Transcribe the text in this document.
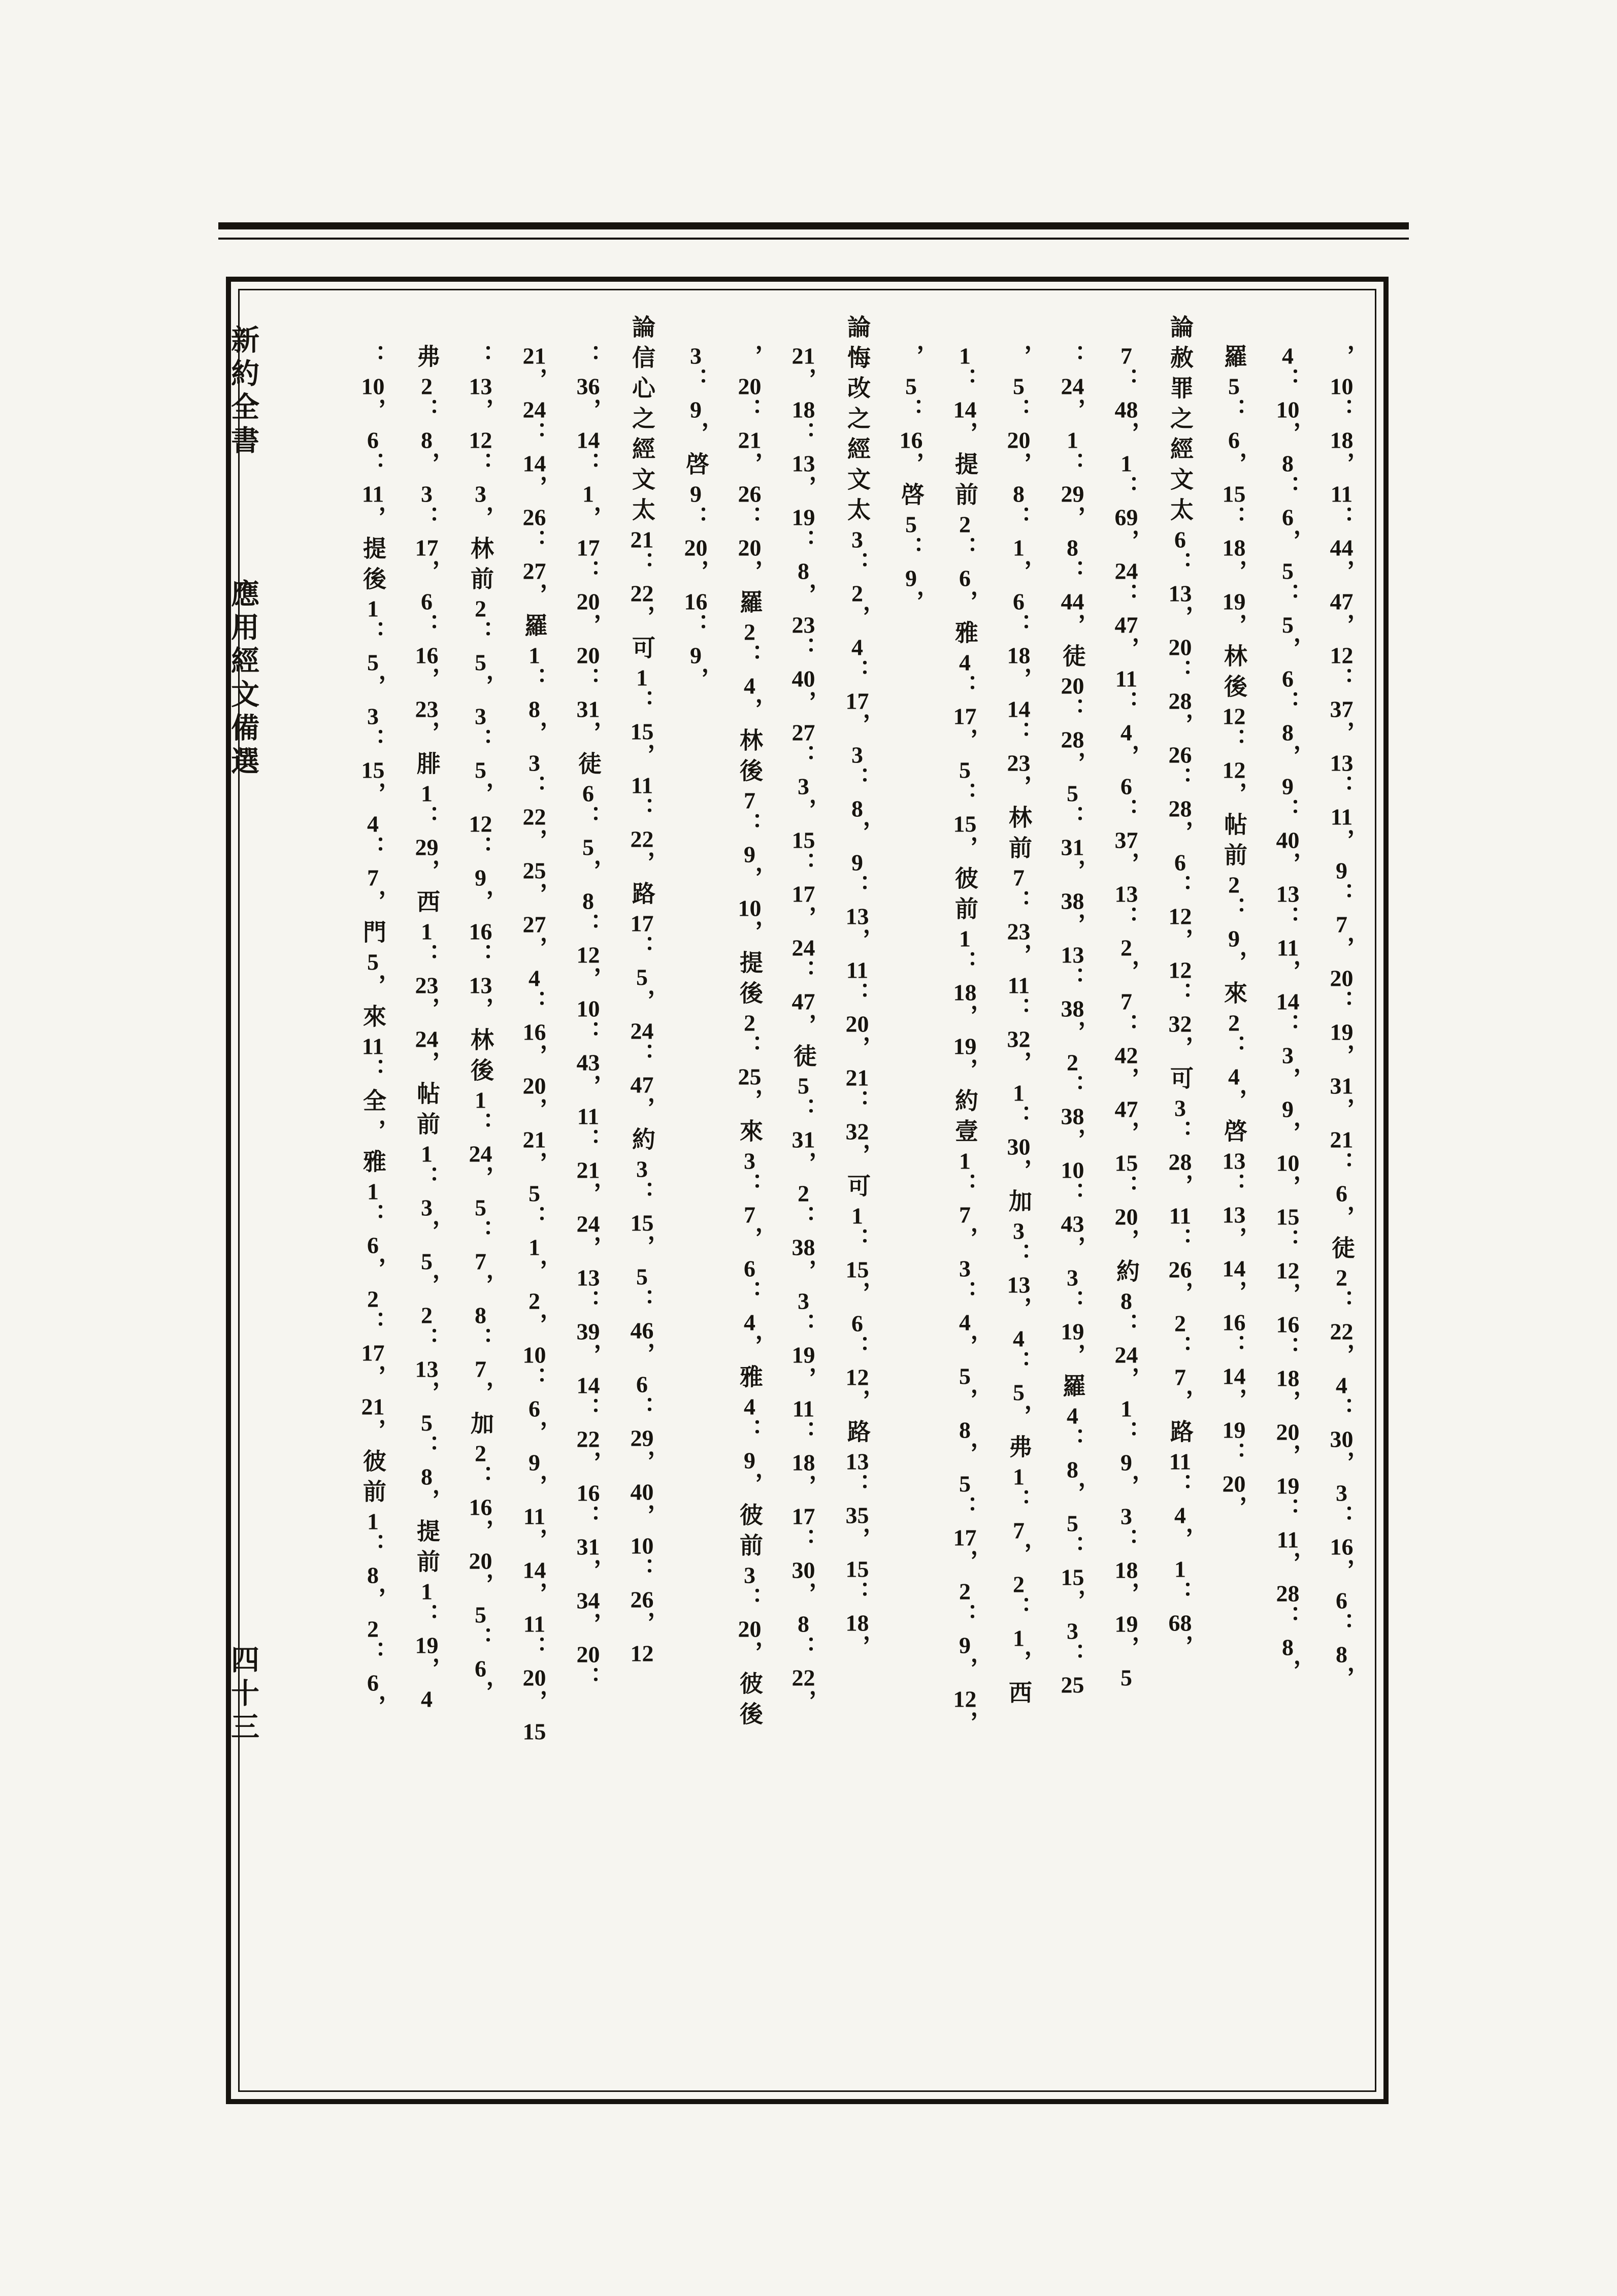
新約全書
應用經文備選
四十三
，10：18，11：44，47，12：37，13：11，9：7，20：19，31，21：6，徒2：22，4：30，3：16，6：8，
4：10，8：6，5：5，6：8，9：40，13：11，14：3，9，10，15：12，16：18，20，19：11，28：8，
羅5：6，15：18，19，林後12：12，帖前2：9，來2：4，啓13：13，14，16：14，19：20，
論赦罪之經文太6：13，20：28，26：28，6：12，12：32，可3：28，11：26，2：7，路11：4，1：68，
7：48，1：69，24：47，11：4，6：37，13：2，7：42，47，15：20，約8：24，1：9，3：18，19，5
：24，1：29，8：44，徒20：28，5：31，38，13：38，2：38，10：43，3：19，羅4：8，5：15，3：25
，5：20，8：1，6：18，14：23，林前7：23，11：32，1：30，加3：13，4：5，弗1：7，2：1，西
1：14，提前2：6，雅4：17，5：15，彼前1：18，19，約壹1：7，3：4，5，8，5：17，2：9，12，
，5：16，啓5：9，
論悔改之經文太3：2，4：17，3：8，9：13，11：20，21：32，可1：15，6：12，路13：35，15：18，
21，18：13，19：8，23：40，27：3，15：17，24：47，徒5：31，2：38，3：19，11：18，17：30，8：22，
，20：21，26：20，羅2：4，林後7：9，10，提後2：25，來3：7，6：4，雅4：9，彼前3：20，彼後
3：9，啓9：20，16：9，
論信心之經文太21：22，可1：15，11：22，路17：5，24：47，約3：15，5：46，6：29，40，10：26，12
：36，14：1，17：20，20：31，徒6：5，8：12，10：43，11：21，24，13：39，14：22，16：31，34，20：
21，24：14，26：27，羅1：8，3：22，25，27，4：16，20，21，5：1，2，10：6，9，11，14，11：20，15
：13，12：3，林前2：5，3：5，12：9，16：13，林後1：24，5：7，8：7，加2：16，20，5：6，
弗2：8，3：17，6：16，23，腓1：29，西1：23，24，帖前1：3，5，2：13，5：8，提前1：19，4
：10，6：11，提後1：5，3：15，4：7，門5，來11：全，雅1：6，2：17，21，彼前1：8，2：6，
